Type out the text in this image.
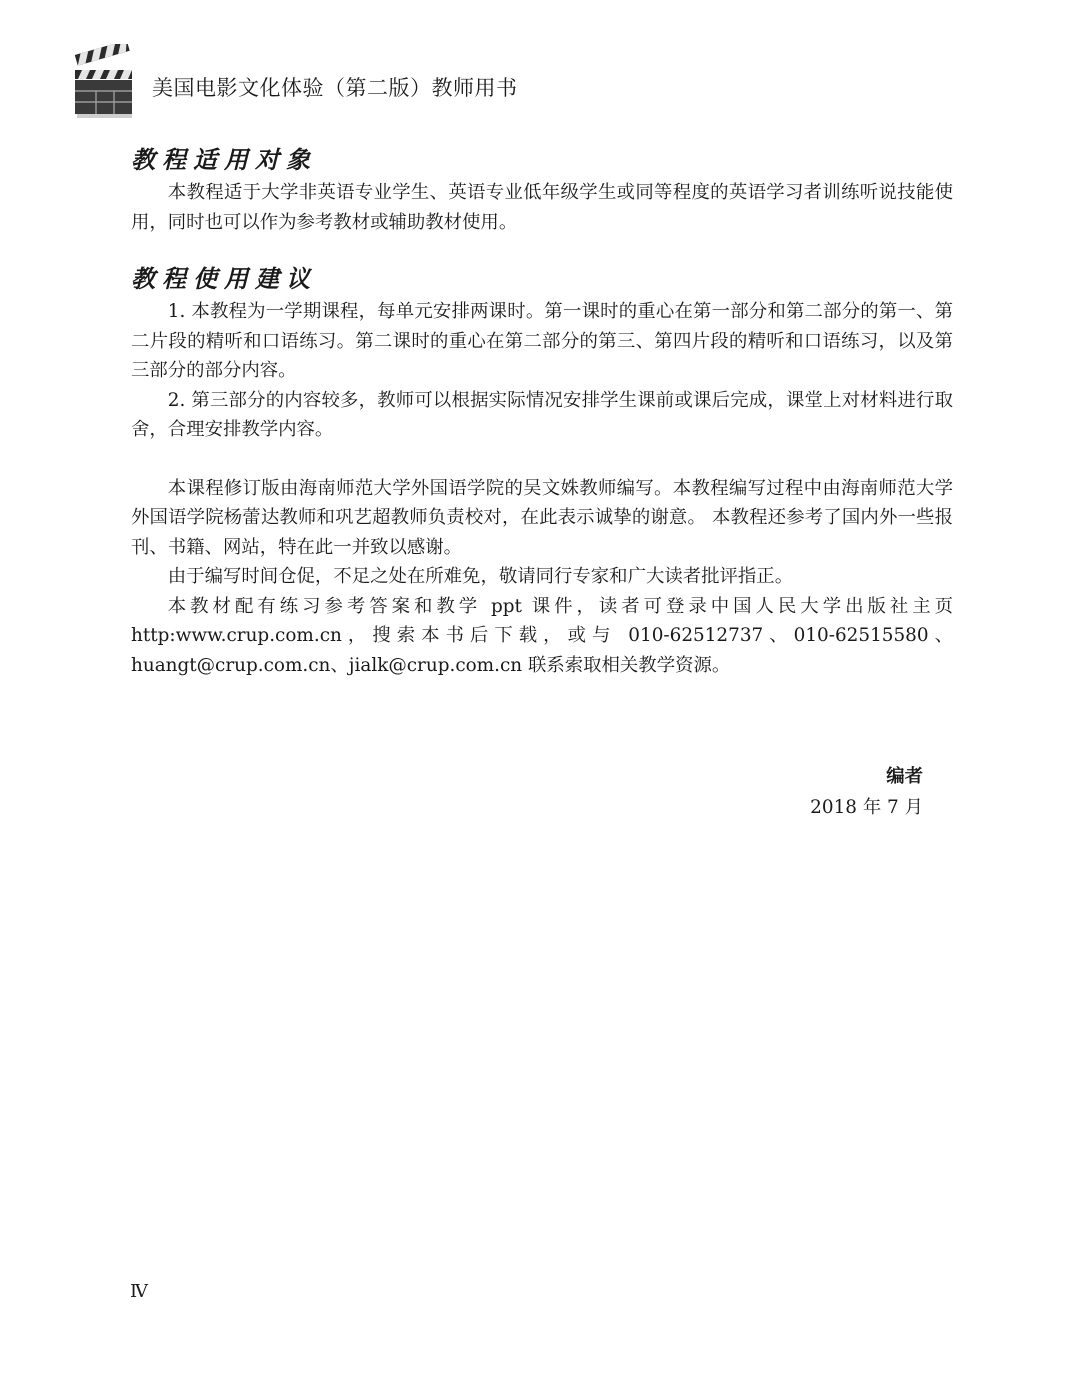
美国电影文化体验（第二版）教师用书
教程适用对象

本教程适于大学非英语专业学生、英语专业低年级学生或同等程度的英语学习者训练听说技能使用，同时也可以作为参考教材或辅助教材使用。

教程使用建议

1. 本教程为一学期课程，每单元安排两课时。第一课时的重心在第一部分和第二部分的第一、第二片段的精听和口语练习。第二课时的重心在第二部分的第三、第四片段的精听和口语练习，以及第三部分的部分内容。

2. 第三部分的内容较多，教师可以根据实际情况安排学生课前或课后完成，课堂上对材料进行取舍，合理安排教学内容。

本课程修订版由海南师范大学外国语学院的吴文姝教师编写。本教程编写过程中由海南师范大学外国语学院杨蕾达教师和巩艺超教师负责校对，在此表示诚挚的谢意。 本教程还参考了国内外一些报刊、书籍、网站，特在此一并致以感谢。

由于编写时间仓促，不足之处在所难免，敬请同行专家和广大读者批评指正。

本教材配有练习参考答案和教学 ppt 课件，读者可登录中国人民大学出版社主页 http:www.crup.com.cn，搜索本书后下载，或与 010-62512737、010-62515580、huangt@crup.com.cn、jialk@crup.com.cn 联系索取相关教学资源。

编者
2018 年 7 月
Ⅳ
